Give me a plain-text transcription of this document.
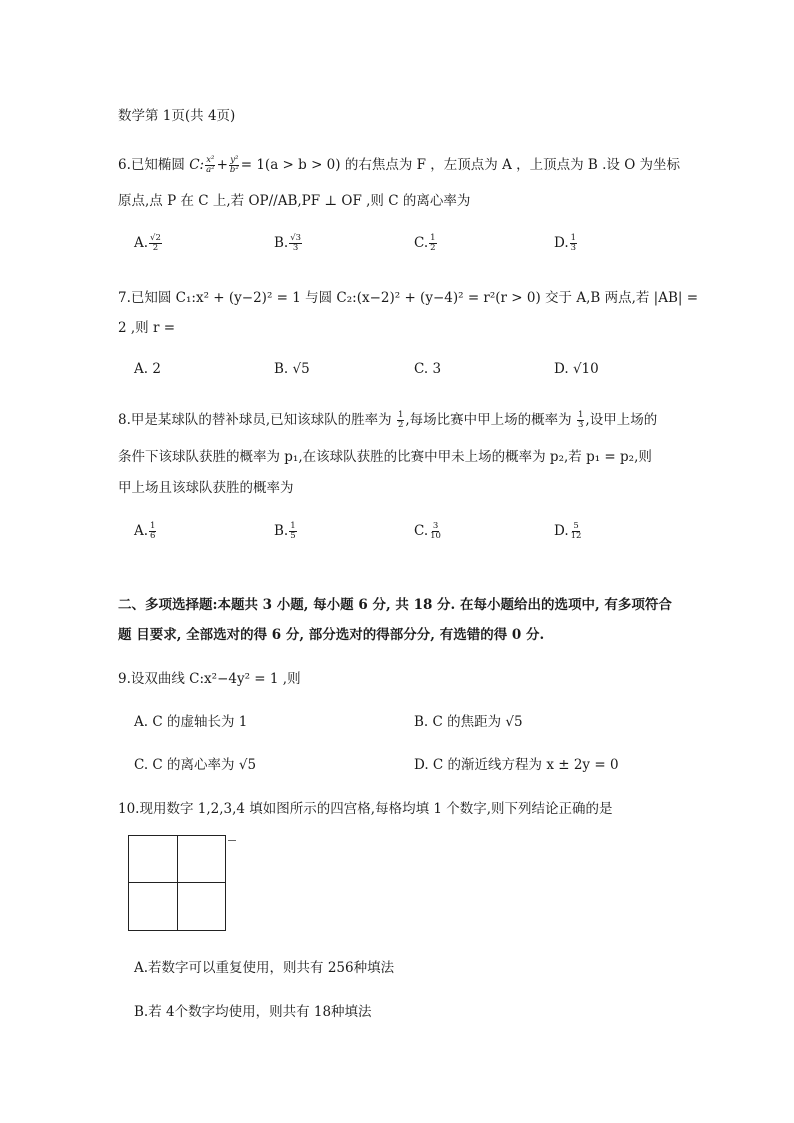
数学第 1页(共 4页)
6.已知椭圆 C: $\frac{\text{x²}}{\text{a²}} + \frac{\text{y²}}{\text{b²}} = 1(a > b > 0)$ 的右焦点为 F ，左顶点为 A ，上顶点为 B .设 O 为坐标
原点,点 P 在 C 上,若 OP//AB,PF ⊥ OF ,则 C 的离心率为
A. $\frac{√2}{2}$	B. $\frac{√3}{3}$	C. $\frac{1}{2}$	D. $\frac{1}{3}$
7.已知圆 C₁:x² + (y−2)² = 1 与圆 C₂:(x−2)² + (y−4)² = r²(r > 0) 交于 A,B 两点,若 |AB| =
2 ,则 r =
A. 2	B. √5	C. 3	D. √10
8.甲是某球队的替补球员,已知该球队的胜率为 $\frac{1}{2}$ ,每场比赛中甲上场的概率为 $\frac{1}{3}$ ,设甲上场的
条件下该球队获胜的概率为 p₁,在该球队获胜的比赛中甲未上场的概率为 p₂,若 p₁ = p₂,则
甲上场且该球队获胜的概率为
A. $\frac{1}{6}$	B. $\frac{1}{5}$	C. $\frac{3}{10}$	D. $\frac{5}{12}$
二、多项选择题:本题共 3 小题, 每小题 6 分, 共 18 分. 在每小题给出的选项中, 有多项符合
题 目要求, 全部选对的得 6 分, 部分选对的得部分分, 有选错的得 0 分.
9.设双曲线 C:x²−4y² = 1 ,则
A. C 的虚轴长为 1	B. C 的焦距为 √5
C. C 的离心率为 √5	D. C 的渐近线方程为 x ± 2y = 0
10.现用数字 1,2,3,4 填如图所示的四宫格,每格均填 1 个数字,则下列结论正确的是
A.若数字可以重复使用，则共有 256种填法
B.若 4个数字均使用，则共有 18种填法
